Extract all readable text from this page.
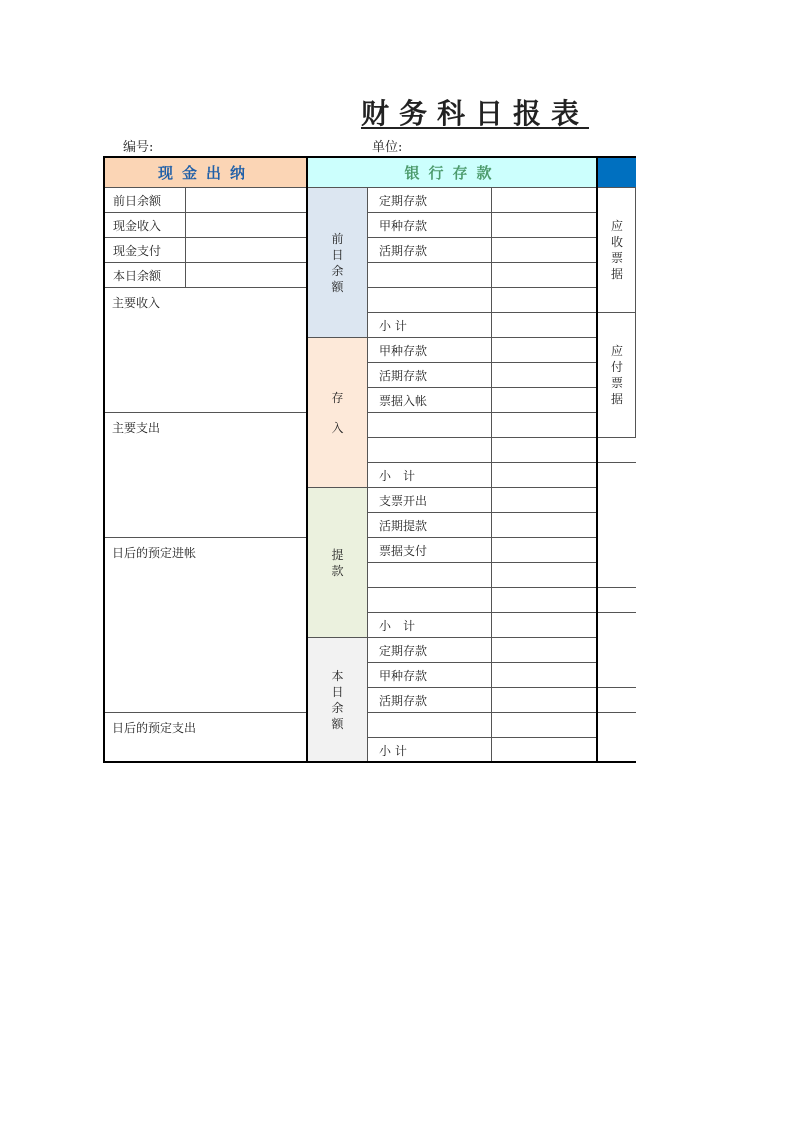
财务科日报表
编号:	单位:
现金出纳	银行存款
前日余额
存入
提款
本日余额
应收票据
应付票据
前日余额
现金收入
现金支付
本日余额
主要收入
主要支出
日后的预定进帐
日后的预定支出
定期存款
甲种存款
活期存款
小 计
甲种存款
活期存款
票据入帐
小　计
支票开出
活期提款
票据支付
小　计
定期存款
甲种存款
活期存款
小 计
